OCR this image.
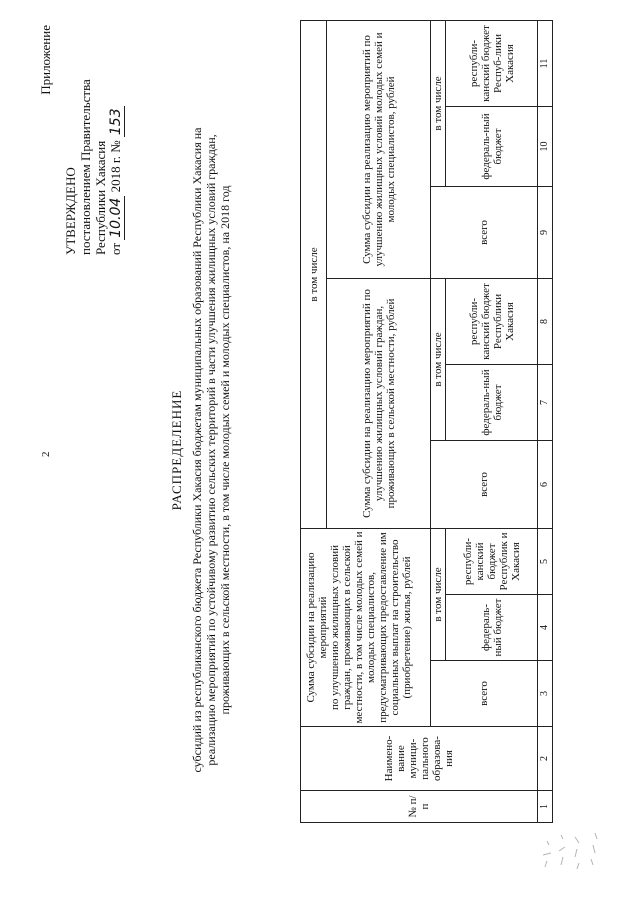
2
Приложение
УТВЕРЖДЕНО постановлением Правительства Республики Хакасия от 10.04 2018 г. № 153
РАСПРЕДЕЛЕНИЕ субсидий из республиканского бюджета Республики Хакасия бюджетам муниципальных образований Республики Хакасия на реализацию мероприятий по устойчивому развитию сельских территорий в части улучшения жилищных условий граждан, проживающих в сельской местности, в том числе молодых семей и молодых специалистов, на 2018 год
№ п/п	Наимено-вание муници-пального образова-ния	Сумма субсидии на реализацию мероприятий по улучшению жилищных условий граждан, проживающих в сельской местности, в том числе молодых семей и молодых специалистов, предусматривающих предоставление им социальных выплат на строительство (приобретение) жилья, рублей			в том числе					
					Сумма субсидии на реализацию мероприятий по улучшению жилищных условий граждан, проживающих в сельской местности, рублей			Сумма субсидии на реализацию мероприятий по улучшению жилищных условий молодых семей и молодых специалистов, рублей		
		всего	в том числе		всего	в том числе		всего	в том числе	
			федераль-ный бюджет	республи-канский бюджет Республик и Хакасия		федераль-ный бюджет	республи-канский бюджет Республики Хакасия		федераль-ный бюджет	республи-канский бюджет Респуб-лики Хакасия

1	2	3	4	5	6	7	8	9	10	11
